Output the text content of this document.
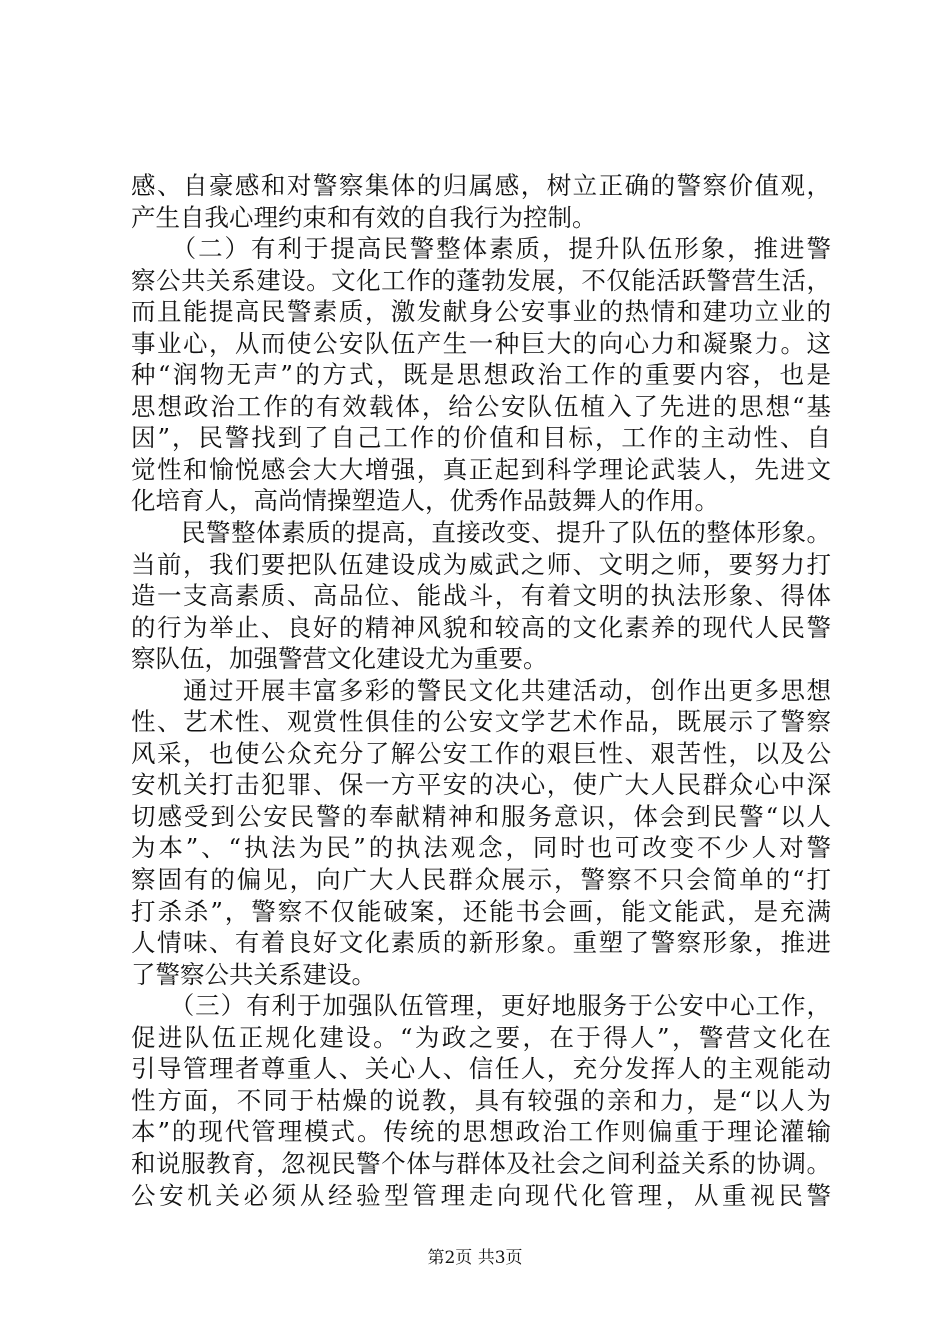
感、自豪感和对警察集体的归属感，树立正确的警察价值观，
产生自我心理约束和有效的自我行为控制。
　　（二）有利于提高民警整体素质，提升队伍形象，推进警
察公共关系建设。文化工作的蓬勃发展，不仅能活跃警营生活，
而且能提高民警素质，激发献身公安事业的热情和建功立业的
事业心，从而使公安队伍产生一种巨大的向心力和凝聚力。这
种“润物无声”的方式，既是思想政治工作的重要内容，也是
思想政治工作的有效载体，给公安队伍植入了先进的思想“基
因”，民警找到了自己工作的价值和目标，工作的主动性、自
觉性和愉悦感会大大增强，真正起到科学理论武装人，先进文
化培育人，高尚情操塑造人，优秀作品鼓舞人的作用。
　　民警整体素质的提高，直接改变、提升了队伍的整体形象。
当前，我们要把队伍建设成为威武之师、文明之师，要努力打
造一支高素质、高品位、能战斗，有着文明的执法形象、得体
的行为举止、良好的精神风貌和较高的文化素养的现代人民警
察队伍，加强警营文化建设尤为重要。
　　通过开展丰富多彩的警民文化共建活动，创作出更多思想
性、艺术性、观赏性俱佳的公安文学艺术作品，既展示了警察
风采，也使公众充分了解公安工作的艰巨性、艰苦性，以及公
安机关打击犯罪、保一方平安的决心，使广大人民群众心中深
切感受到公安民警的奉献精神和服务意识，体会到民警“以人
为本”、“执法为民”的执法观念，同时也可改变不少人对警
察固有的偏见，向广大人民群众展示，警察不只会简单的“打
打杀杀”，警察不仅能破案，还能书会画，能文能武，是充满
人情味、有着良好文化素质的新形象。重塑了警察形象，推进
了警察公共关系建设。
　　（三）有利于加强队伍管理，更好地服务于公安中心工作，
促进队伍正规化建设。“为政之要，在于得人”，警营文化在
引导管理者尊重人、关心人、信任人，充分发挥人的主观能动
性方面，不同于枯燥的说教，具有较强的亲和力，是“以人为
本”的现代管理模式。传统的思想政治工作则偏重于理论灌输
和说服教育，忽视民警个体与群体及社会之间利益关系的协调。
公安机关必须从经验型管理走向现代化管理，从重视民警
第2页 共3页
